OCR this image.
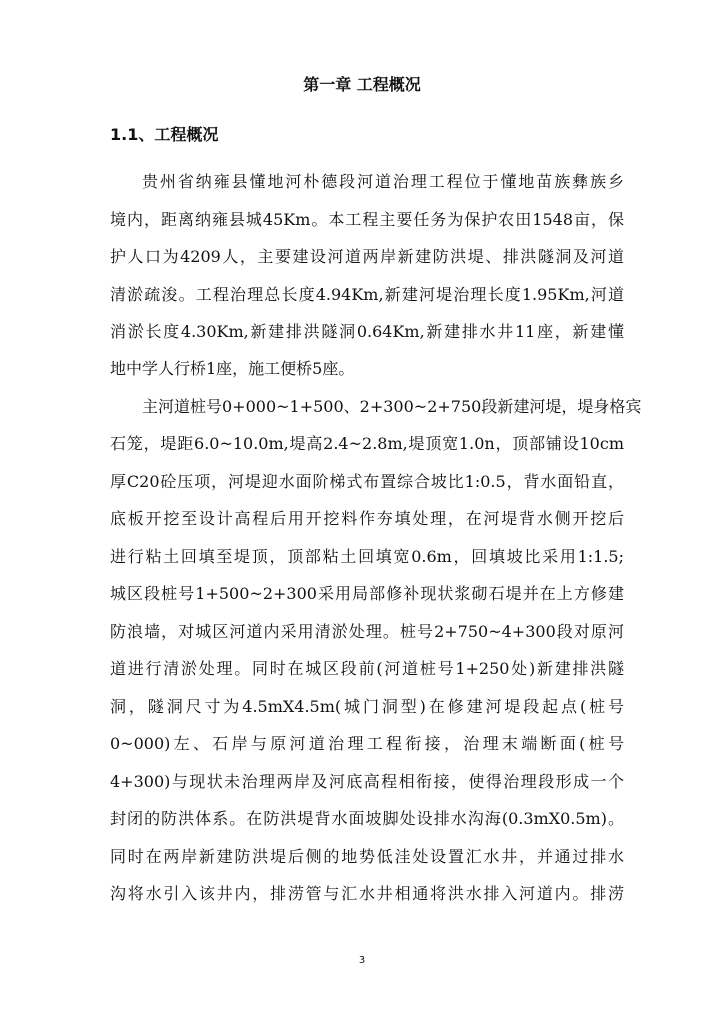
第一章 工程概况
1.1、工程概况
贵州省纳雍县懂地河朴德段河道治理工程位于懂地苗族彝族乡
境内，距离纳雍县城45Km。本工程主要任务为保护农田1548亩，保
护人口为4209人，主要建设河道两岸新建防洪堤、排洪隧洞及河道
清淤疏浚。工程治理总长度4.94Km,新建河堤治理长度1.95Km,河道
消淤长度4.30Km,新建排洪隧洞0.64Km,新建排水井11座，新建懂
地中学人行桥1座，施工便桥5座。
主河道桩号0+000~1+500、2+300~2+750段新建河堤，堤身格宾
石笼，堤距6.0~10.0m,堤高2.4~2.8m,堤顶宽1.0n，顶部铺设10cm
厚C20砼压项，河堤迎水面阶梯式布置综合坡比1:0.5，背水面铅直，
底板开挖至设计高程后用开挖料作夯填处理，在河堤背水侧开挖后
进行粘土回填至堤顶，顶部粘土回填宽0.6m，回填坡比采用1:1.5;
城区段桩号1+500~2+300采用局部修补现状浆砌石堤并在上方修建
防浪墙，对城区河道内采用清淤处理。桩号2+750~4+300段对原河
道进行清淤处理。同时在城区段前(河道桩号1+250处)新建排洪隧
洞，隧洞尺寸为4.5mX4.5m(城门洞型)在修建河堤段起点(桩号
0~000)左、石岸与原河道治理工程衔接，治理末端断面(桩号
4+300)与现状未治理两岸及河底高程相衔接，使得治理段形成一个
封闭的防洪体系。在防洪堤背水面坡脚处设排水沟海(0.3mX0.5m)。
同时在两岸新建防洪堤后侧的地势低洼处设置汇水井，并通过排水
沟将水引入该井内，排涝管与汇水井相通将洪水排入河道内。排涝
3
